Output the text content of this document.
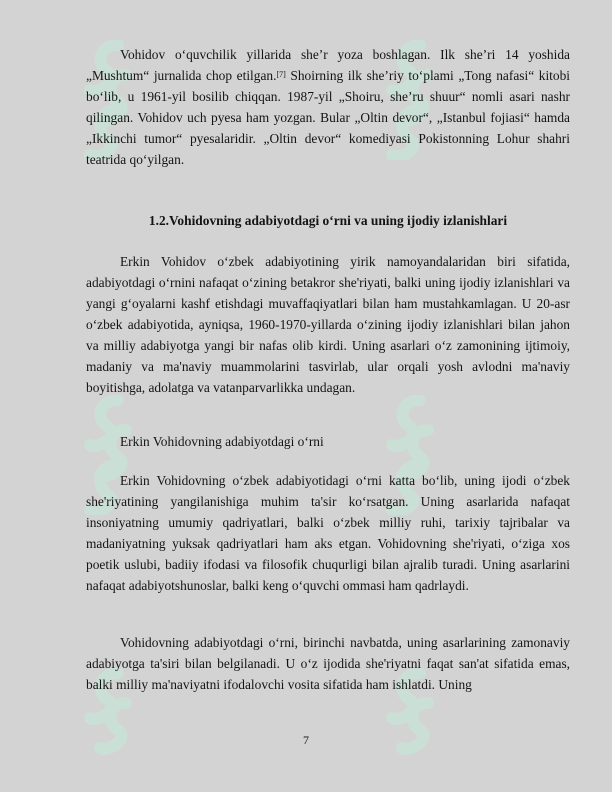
Vohidov o‘quvchilik yillarida she’r yoza boshlagan. Ilk she’ri 14 yoshida „Mushtum“ jurnalida chop etilgan.[7] Shoirning ilk she’riy to‘plami „Tong nafasi“ kitobi bo‘lib, u 1961-yil bosilib chiqqan. 1987-yil „Shoiru, she’ru shuur“ nomli asari nashr qilingan. Vohidov uch pyesa ham yozgan. Bular „Oltin devor“, „Istanbul fojiasi“ hamda „Ikkinchi tumor“ pyesalaridir. „Oltin devor“ komediyasi Pokistonning Lohur shahri teatrida qo‘yilgan.

1.2.Vohidovning adabiyotdagi o‘rni va uning ijodiy izlanishlari

Erkin Vohidov o‘zbek adabiyotining yirik namoyandalaridan biri sifatida, adabiyotdagi o‘rnini nafaqat o‘zining betakror she'riyati, balki uning ijodiy izlanishlari va yangi g‘oyalarni kashf etishdagi muvaffaqiyatlari bilan ham mustahkamlagan. U 20-asr o‘zbek adabiyotida, ayniqsa, 1960-1970-yillarda o‘zining ijodiy izlanishlari bilan jahon va milliy adabiyotga yangi bir nafas olib kirdi. Uning asarlari o‘z zamonining ijtimoiy, madaniy va ma'naviy muammolarini tasvirlab, ular orqali yosh avlodni ma'naviy boyitishga, adolatga va vatanparvarlikka undagan.

Erkin Vohidovning adabiyotdagi o‘rni

Erkin Vohidovning o‘zbek adabiyotidagi o‘rni katta bo‘lib, uning ijodi o‘zbek she'riyatining yangilanishiga muhim ta'sir ko‘rsatgan. Uning asarlarida nafaqat insoniyatning umumiy qadriyatlari, balki o‘zbek milliy ruhi, tarixiy tajribalar va madaniyatning yuksak qadriyatlari ham aks etgan. Vohidovning she'riyati, o‘ziga xos poetik uslubi, badiiy ifodasi va filosofik chuqurligi bilan ajralib turadi. Uning asarlarini nafaqat adabiyotshunoslar, balki keng o‘quvchi ommasi ham qadrlaydi.

Vohidovning adabiyotdagi o‘rni, birinchi navbatda, uning asarlarining zamonaviy adabiyotga ta'siri bilan belgilanadi. U o‘z ijodida she'riyatni faqat san'at sifatida emas, balki milliy ma'naviyatni ifodalovchi vosita sifatida ham ishlatdi. Uning

7
